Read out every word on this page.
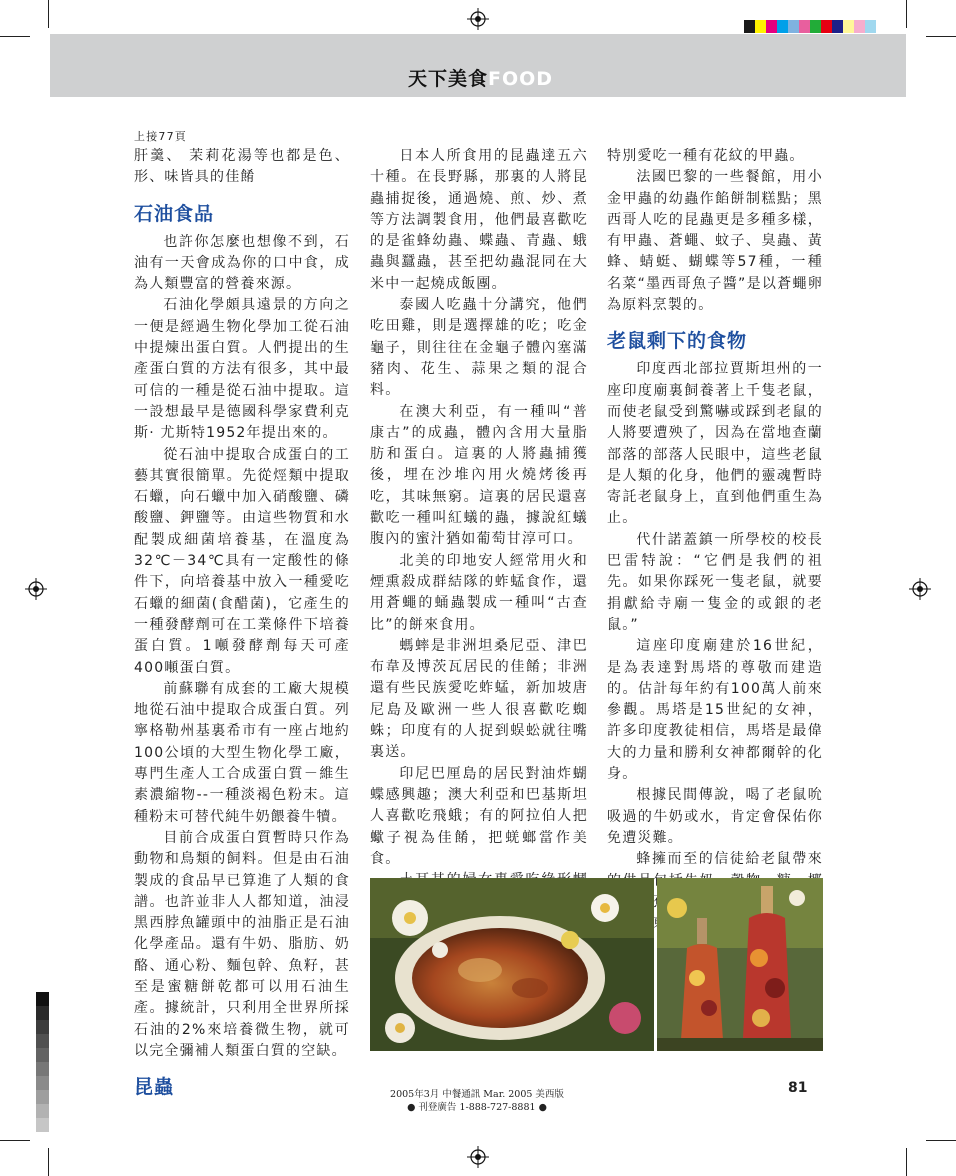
天下美食FOOD

上接77頁

肝羹、 茉莉花湯等也都是色、形、味皆具的佳餚

石油食品

也許你怎麼也想像不到，石油有一天會成為你的口中食，成為人類豐富的營養來源。

石油化學頗具遠景的方向之一便是經過生物化學加工從石油中提煉出蛋白質。人們提出的生產蛋白質的方法有很多，其中最可信的一種是從石油中提取。這一設想最早是德國科學家費利克斯· 尤斯特1952年提出來的。

從石油中提取合成蛋白的工藝其實很簡單。先從烴類中提取石蠟，向石蠟中加入硝酸鹽、磷酸鹽、鉀鹽等。由這些物質和水配製成細菌培養基，在溫度為32℃－34℃具有一定酸性的條件下，向培養基中放入一種愛吃石蠟的細菌(食醋菌)，它產生的一種發酵劑可在工業條件下培養蛋白質。1噸發酵劑每天可產400噸蛋白質。

前蘇聯有成套的工廠大規模地從石油中提取合成蛋白質。列寧格勒州基裏希市有一座占地約100公頃的大型生物化學工廠，專門生產人工合成蛋白質－維生素濃縮物--一種淡褐色粉末。這種粉末可替代純牛奶餵養牛犢。

目前合成蛋白質暫時只作為動物和鳥類的飼料。但是由石油製成的食品早已算進了人類的食譜。也許並非人人都知道，油浸黑西脖魚罐頭中的油脂正是石油化學產品。還有牛奶、脂肪、奶酪、通心粉、麵包幹、魚籽，甚至是蜜糖餅乾都可以用石油生產。據統計，只利用全世界所採石油的2%來培養微生物，就可以完全彌補人類蛋白質的空缺。

昆蟲

日本人所食用的昆蟲達五六十種。在長野縣，那裏的人將昆蟲捕捉後，通過燒、煎、炒、煮等方法調製食用，他們最喜歡吃的是雀蜂幼蟲、蝶蟲、青蟲、蛾蟲與蠶蟲，甚至把幼蟲混同在大米中一起燒成飯團。

泰國人吃蟲十分講究，他們吃田雞，則是選擇雄的吃；吃金龜子，則往往在金龜子體內塞滿豬肉、花生、蒜果之類的混合料。

在澳大利亞，有一種叫“普康古”的成蟲，體內含用大量脂肪和蛋白。這裏的人將蟲捕獲後，埋在沙堆內用火燒烤後再吃，其味無窮。這裏的居民還喜歡吃一種叫紅蟻的蟲，據說紅蟻腹內的蜜汁猶如葡萄甘淳可口。

北美的印地安人經常用火和煙熏殺成群結隊的蚱蜢食作，還用蒼蠅的蛹蟲製成一種叫“古查比”的餅來食用。

螞蟀是非洲坦桑尼亞、津巴布韋及博茨瓦居民的佳餚；非洲還有些民族愛吃蚱蜢，新加坡唐尼島及歐洲一些人很喜歡吃蜘蛛；印度有的人捉到蜈蚣就往嘴裏送。

印尼巴厘島的居民對油炸蝴蝶感興趣；澳大利亞和巴基斯坦人喜歡吃飛蛾；有的阿拉伯人把蠍子視為佳餚，把蜣螂當作美食。

特別愛吃一種有花紋的甲蟲。

法國巴黎的一些餐館，用小金甲蟲的幼蟲作餡餅制糕點；黑西哥人吃的昆蟲更是多種多樣，有甲蟲、蒼蠅、蚊子、臭蟲、黃蜂、蜻蜓、蝴蝶等57種，一種名菜“墨西哥魚子醬”是以蒼蠅卵為原料烹製的。

老鼠剩下的食物

印度西北部拉賈斯坦州的一座印度廟裏飼養著上千隻老鼠，而使老鼠受到驚嚇或踩到老鼠的人將要遭殃了，因為在當地查蘭部落的部落人民眼中，這些老鼠是人類的化身，他們的靈魂暫時寄託老鼠身上，直到他們重生為止。

代什諾蓋鎮一所學校的校長巴雷特說：“它們是我們的祖先。如果你踩死一隻老鼠，就要捐獻給寺廟一隻金的或銀的老鼠。”

這座印度廟建於16世紀，是為表達對馬塔的尊敬而建造的。估計每年約有100萬人前來參觀。馬塔是15世紀的女神，許多印度教徒相信，馬塔是最偉大的力量和勝利女神都爾幹的化身。

根據民間傳說，喝了老鼠吮吸過的牛奶或水，肯定會保佑你免遭災難。

蜂擁而至的信徒給老鼠帶來

2005年3月 中餐通訊 Mar. 2005 美西版
● 刊登廣告 1-888-727-8881 ●
81
